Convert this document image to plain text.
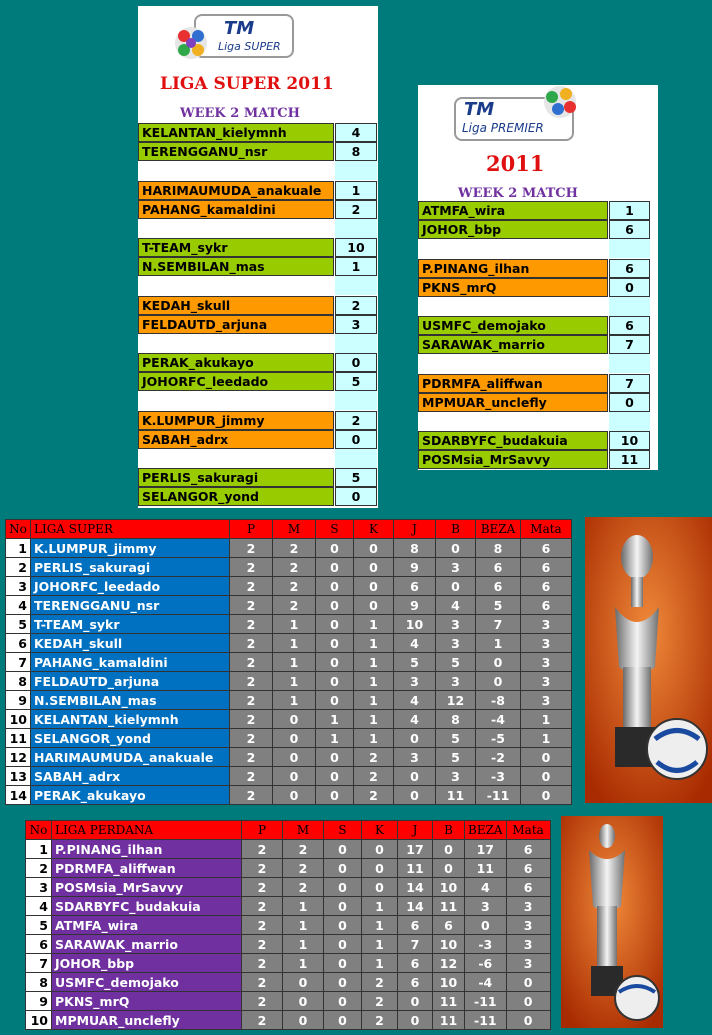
TM
Liga SUPER
LIGA SUPER 2011
WEEK 2 MATCH
KELANTAN_kielymnh	4
TERENGGANU_nsr	8
HARIMAUMUDA_anakuale	1
PAHANG_kamaldini	2
T-TEAM_sykr	10
N.SEMBILAN_mas	1
KEDAH_skull	2
FELDAUTD_arjuna	3
PERAK_akukayo	0
JOHORFC_leedado	5
K.LUMPUR_jimmy	2
SABAH_adrx	0
PERLIS_sakuragi	5
SELANGOR_yond	0
TM
Liga PREMIER
2011
WEEK 2 MATCH
ATMFA_wira	1
JOHOR_bbp	6
P.PINANG_ilhan	6
PKNS_mrQ	0
USMFC_demojako	6
SARAWAK_marrio	7
PDRMFA_aliffwan	7
MPMUAR_unclefly	0
SDARBYFC_budakuia	10
POSMsia_MrSavvy	11
No	LIGA SUPER	P	M	S	K	J	B	BEZA	Mata
1	K.LUMPUR_jimmy	2	2	0	0	8	0	8	6
2	PERLIS_sakuragi	2	2	0	0	9	3	6	6
3	JOHORFC_leedado	2	2	0	0	6	0	6	6
4	TERENGGANU_nsr	2	2	0	0	9	4	5	6
5	T-TEAM_sykr	2	1	0	1	10	3	7	3
6	KEDAH_skull	2	1	0	1	4	3	1	3
7	PAHANG_kamaldini	2	1	0	1	5	5	0	3
8	FELDAUTD_arjuna	2	1	0	1	3	3	0	3
9	N.SEMBILAN_mas	2	1	0	1	4	12	-8	3
10	KELANTAN_kielymnh	2	0	1	1	4	8	-4	1
11	SELANGOR_yond	2	0	1	1	0	5	-5	1
12	HARIMAUMUDA_anakuale	2	0	0	2	3	5	-2	0
13	SABAH_adrx	2	0	0	2	0	3	-3	0
14	PERAK_akukayo	2	0	0	2	0	11	-11	0
No	LIGA PERDANA	P	M	S	K	J	B	BEZA	Mata
1	P.PINANG_ilhan	2	2	0	0	17	0	17	6
2	PDRMFA_aliffwan	2	2	0	0	11	0	11	6
3	POSMsia_MrSavvy	2	2	0	0	14	10	4	6
4	SDARBYFC_budakuia	2	1	0	1	14	11	3	3
5	ATMFA_wira	2	1	0	1	6	6	0	3
6	SARAWAK_marrio	2	1	0	1	7	10	-3	3
7	JOHOR_bbp	2	1	0	1	6	12	-6	3
8	USMFC_demojako	2	0	0	2	6	10	-4	0
9	PKNS_mrQ	2	0	0	2	0	11	-11	0
10	MPMUAR_unclefly	2	0	0	2	0	11	-11	0
